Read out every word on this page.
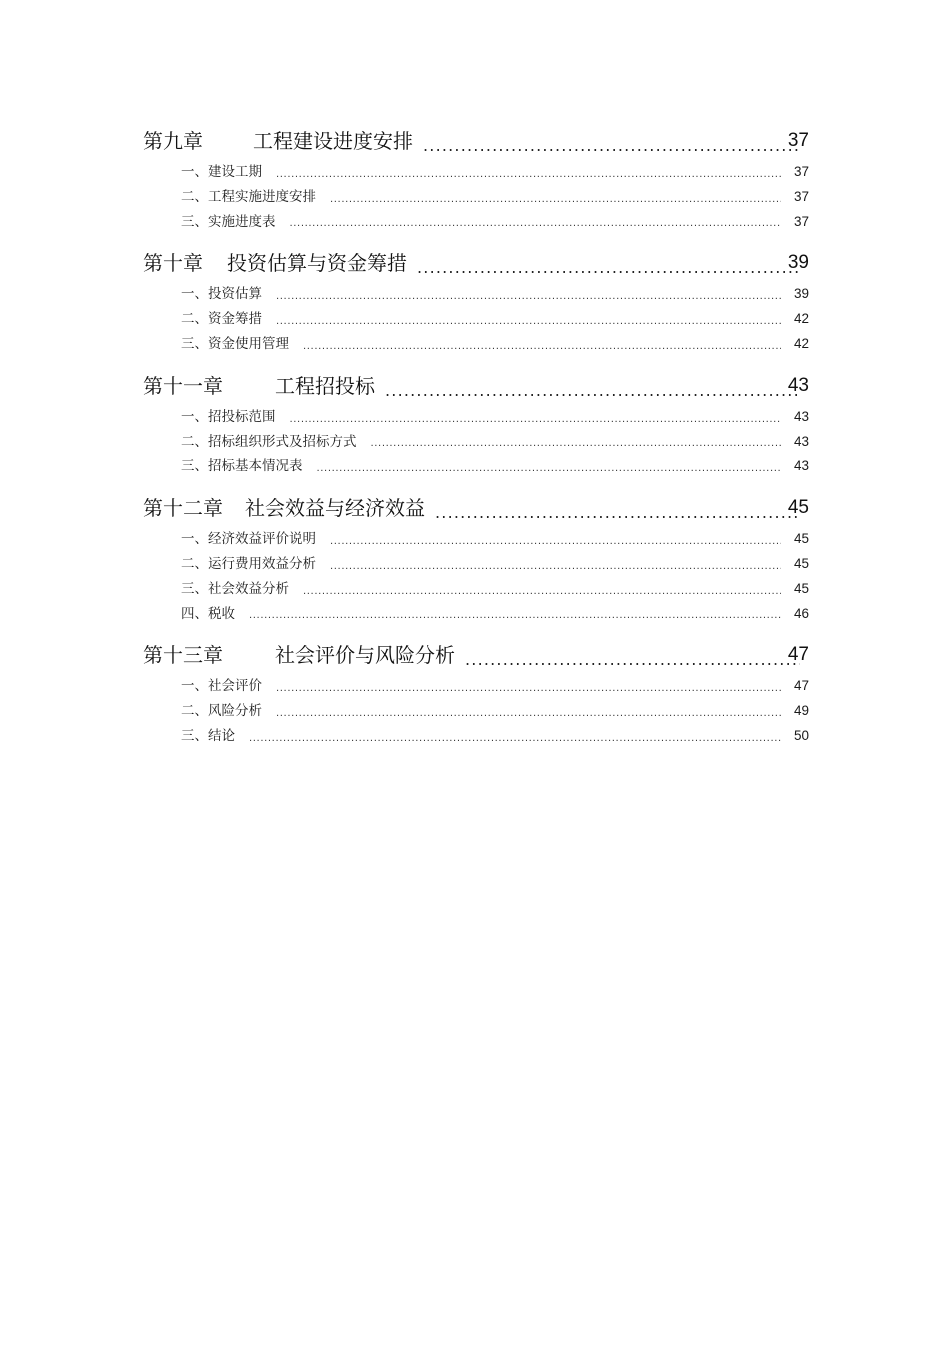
第九章	工程建设进度安排 .....	37
一、建设工期 .....	37
二、工程实施进度安排 .....	37
三、实施进度表 .....	37
第十章 投资估算与资金筹措 .....	39
一、投资估算 .....	39
二、资金筹措 .....	42
三、资金使用管理 .....	42
第十一章	工程招投标 .....	43
一、招投标范围 .....	43
二、招标组织形式及招标方式 .....	43
三、招标基本情况表 .....	43
第十二章 社会效益与经济效益 .....	45
一、经济效益评价说明 .....	45
二、运行费用效益分析 .....	45
三、社会效益分析 .....	45
四、税收 .....	46
第十三章	社会评价与风险分析 .....	47
一、社会评价 .....	47
二、风险分析 .....	49
三、结论 .....	50
